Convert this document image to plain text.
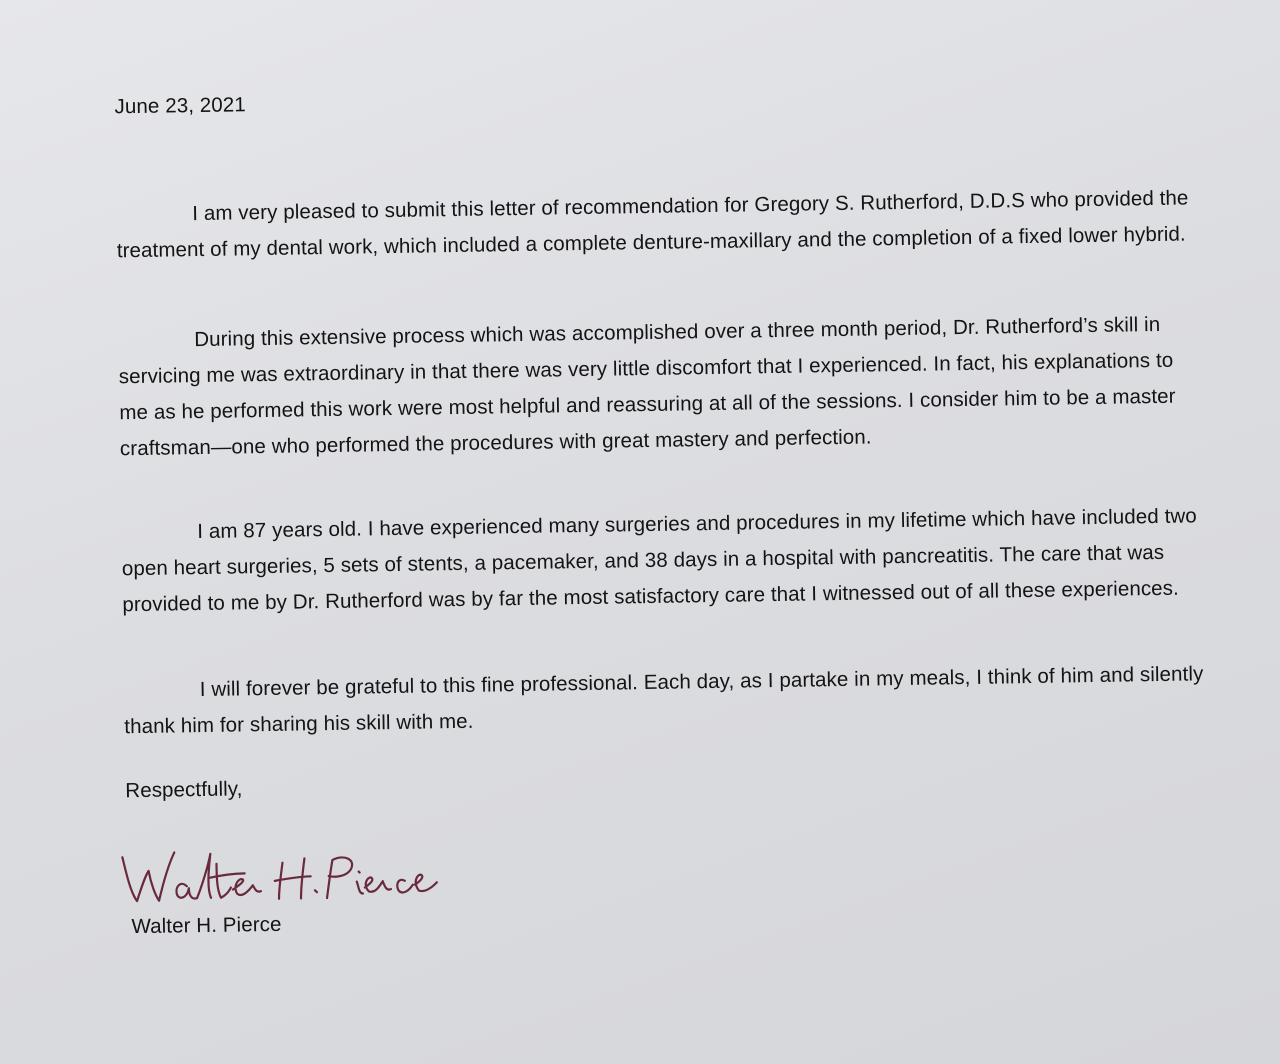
June 23, 2021

I am very pleased to submit this letter of recommendation for Gregory S. Rutherford, D.D.S who provided the treatment of my dental work, which included a complete denture-maxillary and the completion of a fixed lower hybrid.

During this extensive process which was accomplished over a three month period, Dr. Rutherford’s skill in servicing me was extraordinary in that there was very little discomfort that I experienced. In fact, his explanations to me as he performed this work were most helpful and reassuring at all of the sessions. I consider him to be a master craftsman—one who performed the procedures with great mastery and perfection.

I am 87 years old. I have experienced many surgeries and procedures in my lifetime which have included two open heart surgeries, 5 sets of stents, a pacemaker, and 38 days in a hospital with pancreatitis. The care that was provided to me by Dr. Rutherford was by far the most satisfactory care that I witnessed out of all these experiences.

I will forever be grateful to this fine professional. Each day, as I partake in my meals, I think of him and silently thank him for sharing his skill with me.

Respectfully,

Walter H. Pierce
